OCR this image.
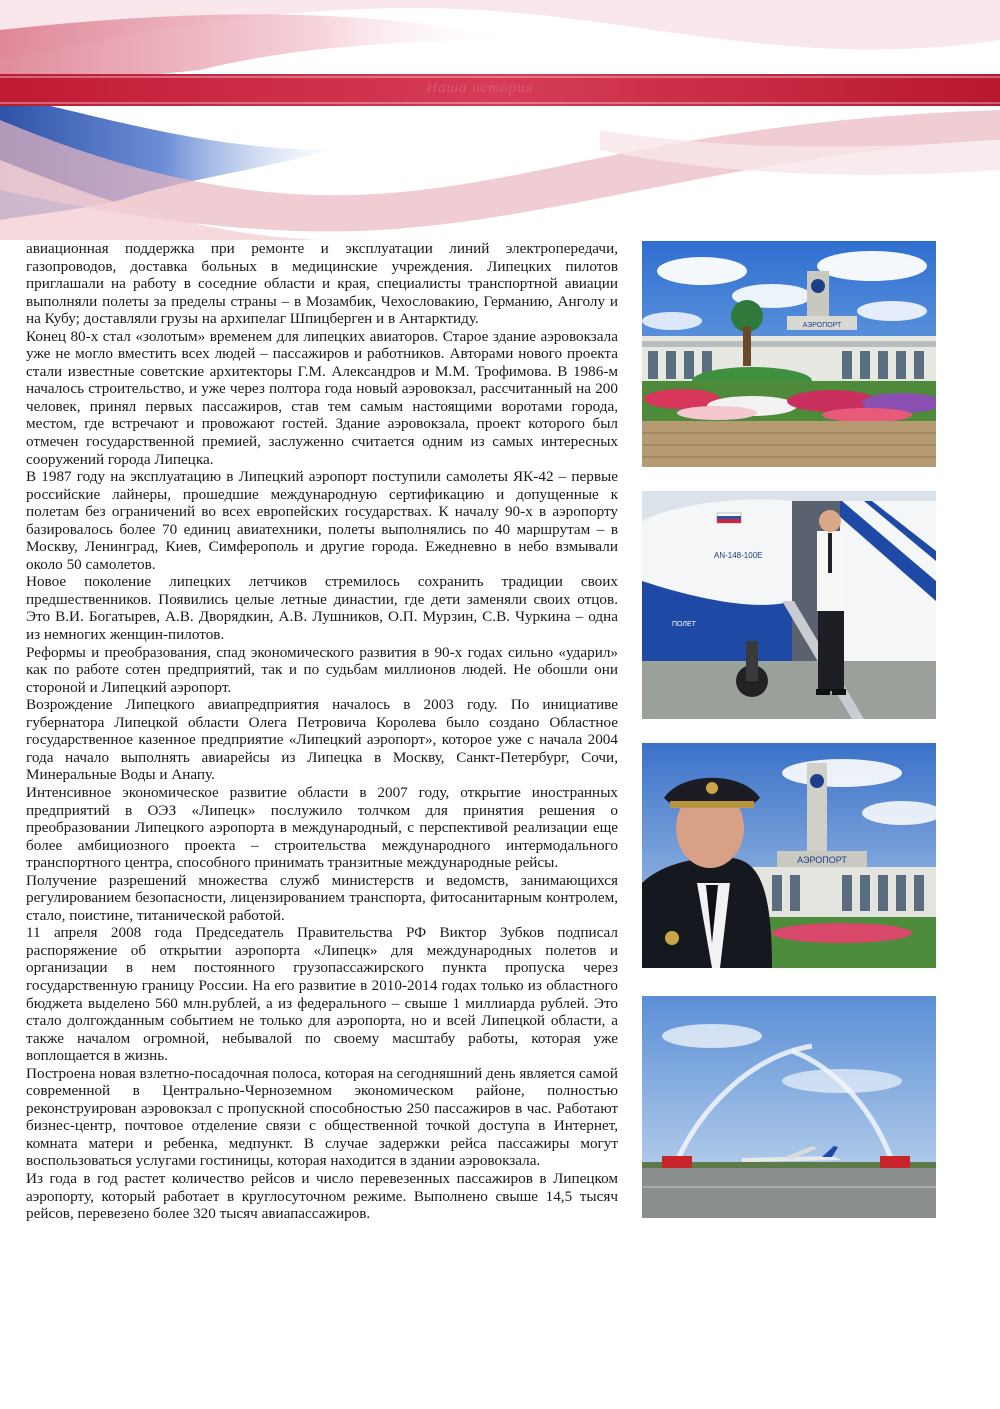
Наша история

авиационная поддержка при ремонте и эксплуатации линий электропередачи, газопроводов, доставка больных в медицинские учреждения. Липецких пилотов приглашали на работу в соседние области и края, специалисты транспортной авиации выполняли полеты за пределы страны – в Мозамбик, Чехословакию, Германию, Анголу и на Кубу; доставляли грузы на архипелаг Шпицберген и в Антарктиду.

Конец 80-х стал «золотым» временем для липецких авиаторов. Старое здание аэровокзала уже не могло вместить всех людей – пассажиров и работников. Авторами нового проекта стали известные советские архитекторы Г.М. Александров и М.М. Трофимова. В 1986-м началось строительство, и уже через полтора года новый аэровокзал, рассчитанный на 200 человек, принял первых пассажиров, став тем самым настоящими воротами города, местом, где встречают и провожают гостей. Здание аэровокзала, проект которого был отмечен государственной премией, заслуженно считается одним из самых интересных сооружений города Липецка.

В 1987 году на эксплуатацию в Липецкий аэропорт поступили самолеты ЯК-42 – первые российские лайнеры, прошедшие международную сертификацию и допущенные к полетам без ограничений во всех европейских государствах. К началу 90-х в аэропорту базировалось более 70 единиц авиатехники, полеты выполнялись по 40 маршрутам – в Москву, Ленинград, Киев, Симферополь и другие города. Ежедневно в небо взмывали около 50 самолетов.

Новое поколение липецких летчиков стремилось сохранить традиции своих предшественников. Появились целые летные династии, где дети заменяли своих отцов. Это В.И. Богатырев, А.В. Дворядкин, А.В. Лушников, О.П. Мурзин, С.В. Чуркина – одна из немногих женщин-пилотов.

Реформы и преобразования, спад экономического развития в 90-х годах сильно «ударил» как по работе сотен предприятий, так и по судьбам миллионов людей. Не обошли они стороной и Липецкий аэропорт.

Возрождение Липецкого авиапредприятия началось в 2003 году. По инициативе губернатора Липецкой области Олега Петровича Королева было создано Областное государственное казенное предприятие «Липецкий аэропорт», которое уже с начала 2004 года начало выполнять авиарейсы из Липецка в Москву, Санкт-Петербург, Сочи, Минеральные Воды и Анапу.

Интенсивное экономическое развитие области в 2007 году, открытие иностранных предприятий в ОЭЗ «Липецк» послужило толчком для принятия решения о преобразовании Липецкого аэропорта в международный, с перспективой реализации еще более амбициозного проекта – строительства международного интермодального транспортного центра, способного принимать транзитные международные рейсы.

Получение разрешений множества служб министерств и ведомств, занимающихся регулированием безопасности, лицензированием транспорта, фитосанитарным контролем, стало, поистине, титанической работой.

11 апреля 2008 года Председатель Правительства РФ Виктор Зубков подписал распоряжение об открытии аэропорта «Липецк» для международных полетов и организации в нем постоянного грузопассажирского пункта пропуска через государственную границу России. На его развитие в 2010-2014 годах только из областного бюджета выделено 560 млн.рублей, а из федерального – свыше 1 миллиарда рублей. Это стало долгожданным событием не только для аэропорта, но и всей Липецкой области, а также началом огромной, небывалой по своему масштабу работы, которая уже воплощается в жизнь.

Построена новая взлетно-посадочная полоса, которая на сегодняшний день является самой современной в Центрально-Черноземном экономическом районе, полностью реконструирован аэровокзал с пропускной способностью 250 пассажиров в час. Работают бизнес-центр, почтовое отделение связи с общественной точкой доступа в Интернет, комната матери и ребенка, медпункт. В случае задержки рейса пассажиры могут воспользоваться услугами гостиницы, которая находится в здании аэровокзала.

Из года в год растет количество рейсов и число перевезенных пассажиров в Липецком аэропорту, который работает в круглосуточном режиме. Выполнено свыше 14,5 тысяч рейсов, перевезено более 320 тысяч авиапассажиров.

АЭРОПОРТ
AN-148-100E
ПОЛЕТ
АЭРОПОРТ
